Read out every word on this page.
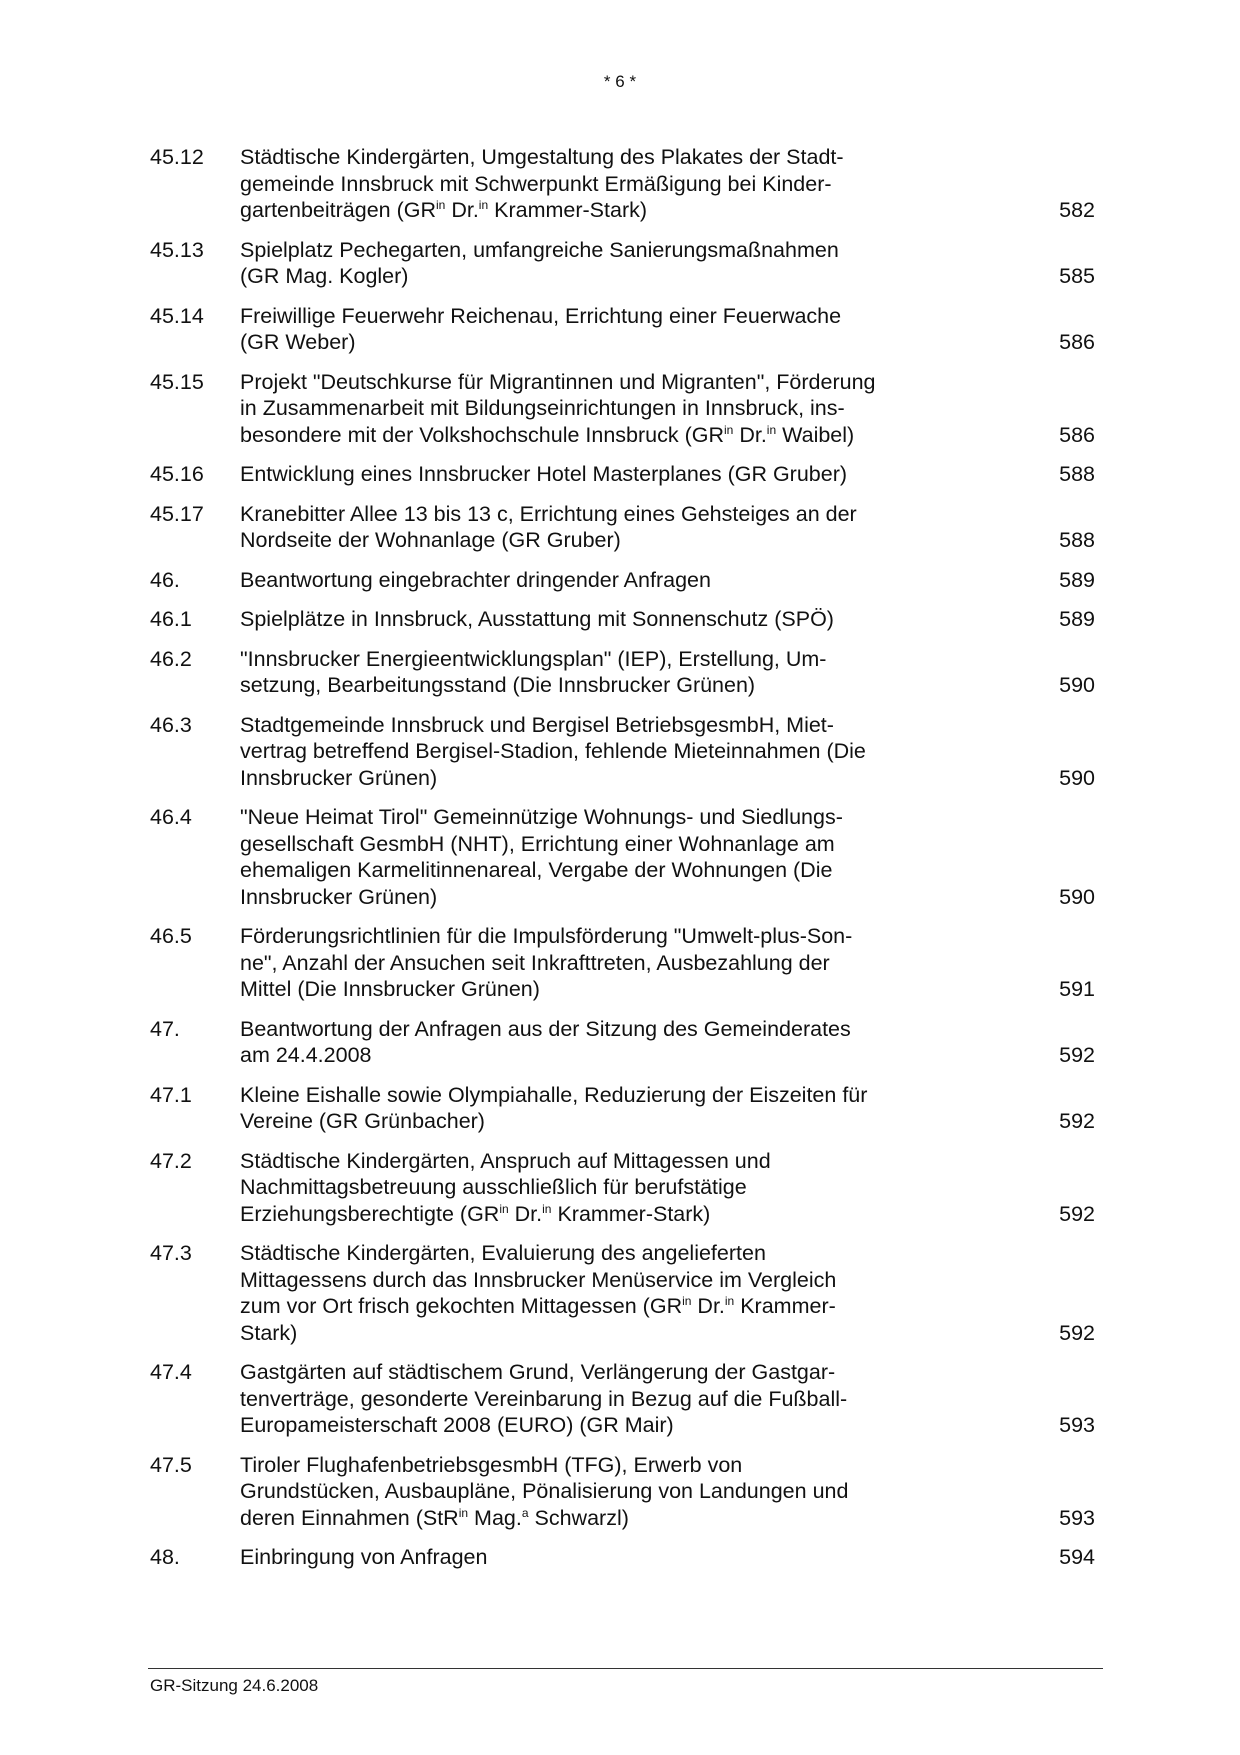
* 6 *
45.12	Städtische Kindergärten, Umgestaltung des Plakates der Stadt-
gemeinde Innsbruck mit Schwerpunkt Ermäßigung bei Kinder-
gartenbeiträgen ($GR^{in}$ Dr.$^{in}$ Krammer-Stark)	582
45.13	Spielplatz Pechegarten, umfangreiche Sanierungsmaßnahmen
(GR Mag. Kogler)	585
45.14	Freiwillige Feuerwehr Reichenau, Errichtung einer Feuerwache
(GR Weber)	586
45.15	Projekt "Deutschkurse für Migrantinnen und Migranten", Förderung
in Zusammenarbeit mit Bildungseinrichtungen in Innsbruck, ins-
besondere mit der Volkshochschule Innsbruck ($GR^{in}$ Dr.$^{in}$ Waibel)	586
45.16	Entwicklung eines Innsbrucker Hotel Masterplanes (GR Gruber)	588
45.17	Kranebitter Allee 13 bis 13 c, Errichtung eines Gehsteiges an der
Nordseite der Wohnanlage (GR Gruber)	588
46.	Beantwortung eingebrachter dringender Anfragen	589
46.1	Spielplätze in Innsbruck, Ausstattung mit Sonnenschutz (SPÖ)	589
46.2	"Innsbrucker Energieentwicklungsplan" (IEP), Erstellung, Um-
setzung, Bearbeitungsstand (Die Innsbrucker Grünen)	590
46.3	Stadtgemeinde Innsbruck und Bergisel BetriebsgesmbH, Miet-
vertrag betreffend Bergisel-Stadion, fehlende Mieteinnahmen (Die
Innsbrucker Grünen)	590
46.4	"Neue Heimat Tirol" Gemeinnützige Wohnungs- und Siedlungs-
gesellschaft GesmbH (NHT), Errichtung einer Wohnanlage am
ehemaligen Karmelitinnenareal, Vergabe der Wohnungen (Die
Innsbrucker Grünen)	590
46.5	Förderungsrichtlinien für die Impulsförderung "Umwelt-plus-Son-
ne", Anzahl der Ansuchen seit Inkrafttreten, Ausbezahlung der
Mittel (Die Innsbrucker Grünen)	591
47.	Beantwortung der Anfragen aus der Sitzung des Gemeinderates
am 24.4.2008	592
47.1	Kleine Eishalle sowie Olympiahalle, Reduzierung der Eiszeiten für
Vereine (GR Grünbacher)	592
47.2	Städtische Kindergärten, Anspruch auf Mittagessen und
Nachmittagsbetreuung ausschließlich für berufstätige
Erziehungsberechtigte ($GR^{in}$ Dr.$^{in}$ Krammer-Stark)	592
47.3	Städtische Kindergärten, Evaluierung des angelieferten
Mittagessens durch das Innsbrucker Menüservice im Vergleich
zum vor Ort frisch gekochten Mittagessen ($GR^{in}$ Dr.$^{in}$ Krammer-
Stark)	592
47.4	Gastgärten auf städtischem Grund, Verlängerung der Gastgar-
tenverträge, gesonderte Vereinbarung in Bezug auf die Fußball-
Europameisterschaft 2008 (EURO) (GR Mair)	593
47.5	Tiroler FlughafenbetriebsgesmbH (TFG), Erwerb von
Grundstücken, Ausbaupläne, Pönalisierung von Landungen und
deren Einnahmen (StR$^{in}$ Mag.$^a$ Schwarzl)	593
48.	Einbringung von Anfragen	594
GR-Sitzung 24.6.2008
